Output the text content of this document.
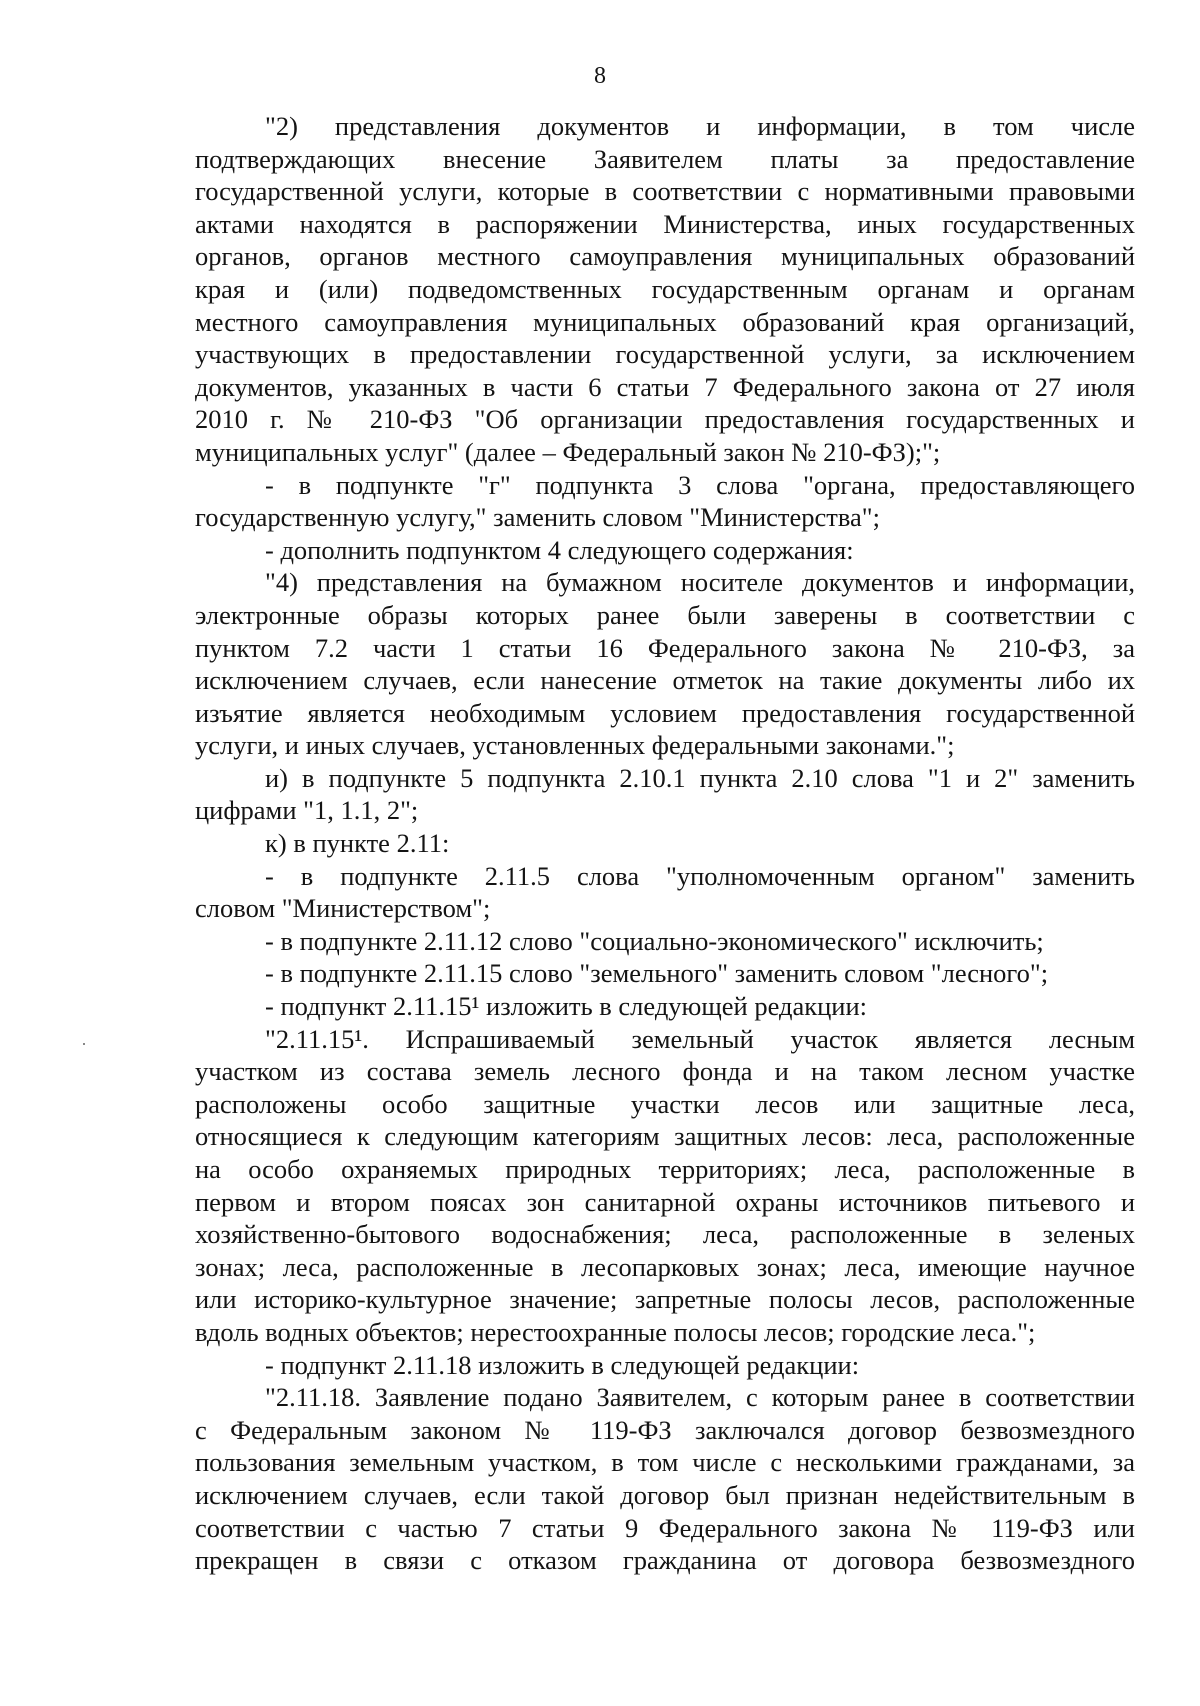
8
"2) представления документов и информации, в том числе
подтверждающих внесение Заявителем платы за предоставление
государственной услуги, которые в соответствии с нормативными правовыми
актами находятся в распоряжении Министерства, иных государственных
органов, органов местного самоуправления муниципальных образований
края и (или) подведомственных государственным органам и органам
местного самоуправления муниципальных образований края организаций,
участвующих в предоставлении государственной услуги, за исключением
документов, указанных в части 6 статьи 7 Федерального закона от 27 июля
2010 г. № 210-ФЗ "Об организации предоставления государственных и
муниципальных услуг" (далее – Федеральный закон № 210-ФЗ);";
- в подпункте "г" подпункта 3 слова "органа, предоставляющего
государственную услугу," заменить словом "Министерства";
- дополнить подпунктом 4 следующего содержания:
"4) представления на бумажном носителе документов и информации,
электронные образы которых ранее были заверены в соответствии с
пунктом 7.2 части 1 статьи 16 Федерального закона № 210-ФЗ, за
исключением случаев, если нанесение отметок на такие документы либо их
изъятие является необходимым условием предоставления государственной
услуги, и иных случаев, установленных федеральными законами.";
и) в подпункте 5 подпункта 2.10.1 пункта 2.10 слова "1 и 2" заменить
цифрами "1, 1.1, 2";
к) в пункте 2.11:
- в подпункте 2.11.5 слова "уполномоченным органом" заменить
словом "Министерством";
- в подпункте 2.11.12 слово "социально-экономического" исключить;
- в подпункте 2.11.15 слово "земельного" заменить словом "лесного";
- подпункт 2.11.15¹ изложить в следующей редакции:
"2.11.15¹. Испрашиваемый земельный участок является лесным
участком из состава земель лесного фонда и на таком лесном участке
расположены особо защитные участки лесов или защитные леса,
относящиеся к следующим категориям защитных лесов: леса, расположенные
на особо охраняемых природных территориях; леса, расположенные в
первом и втором поясах зон санитарной охраны источников питьевого и
хозяйственно-бытового водоснабжения; леса, расположенные в зеленых
зонах; леса, расположенные в лесопарковых зонах; леса, имеющие научное
или историко-культурное значение; запретные полосы лесов, расположенные
вдоль водных объектов; нерестоохранные полосы лесов; городские леса.";
- подпункт 2.11.18 изложить в следующей редакции:
"2.11.18. Заявление подано Заявителем, с которым ранее в соответствии
с Федеральным законом № 119-ФЗ заключался договор безвозмездного
пользования земельным участком, в том числе с несколькими гражданами, за
исключением случаев, если такой договор был признан недействительным в
соответствии с частью 7 статьи 9 Федерального закона № 119-ФЗ или
прекращен в связи с отказом гражданина от договора безвозмездного
